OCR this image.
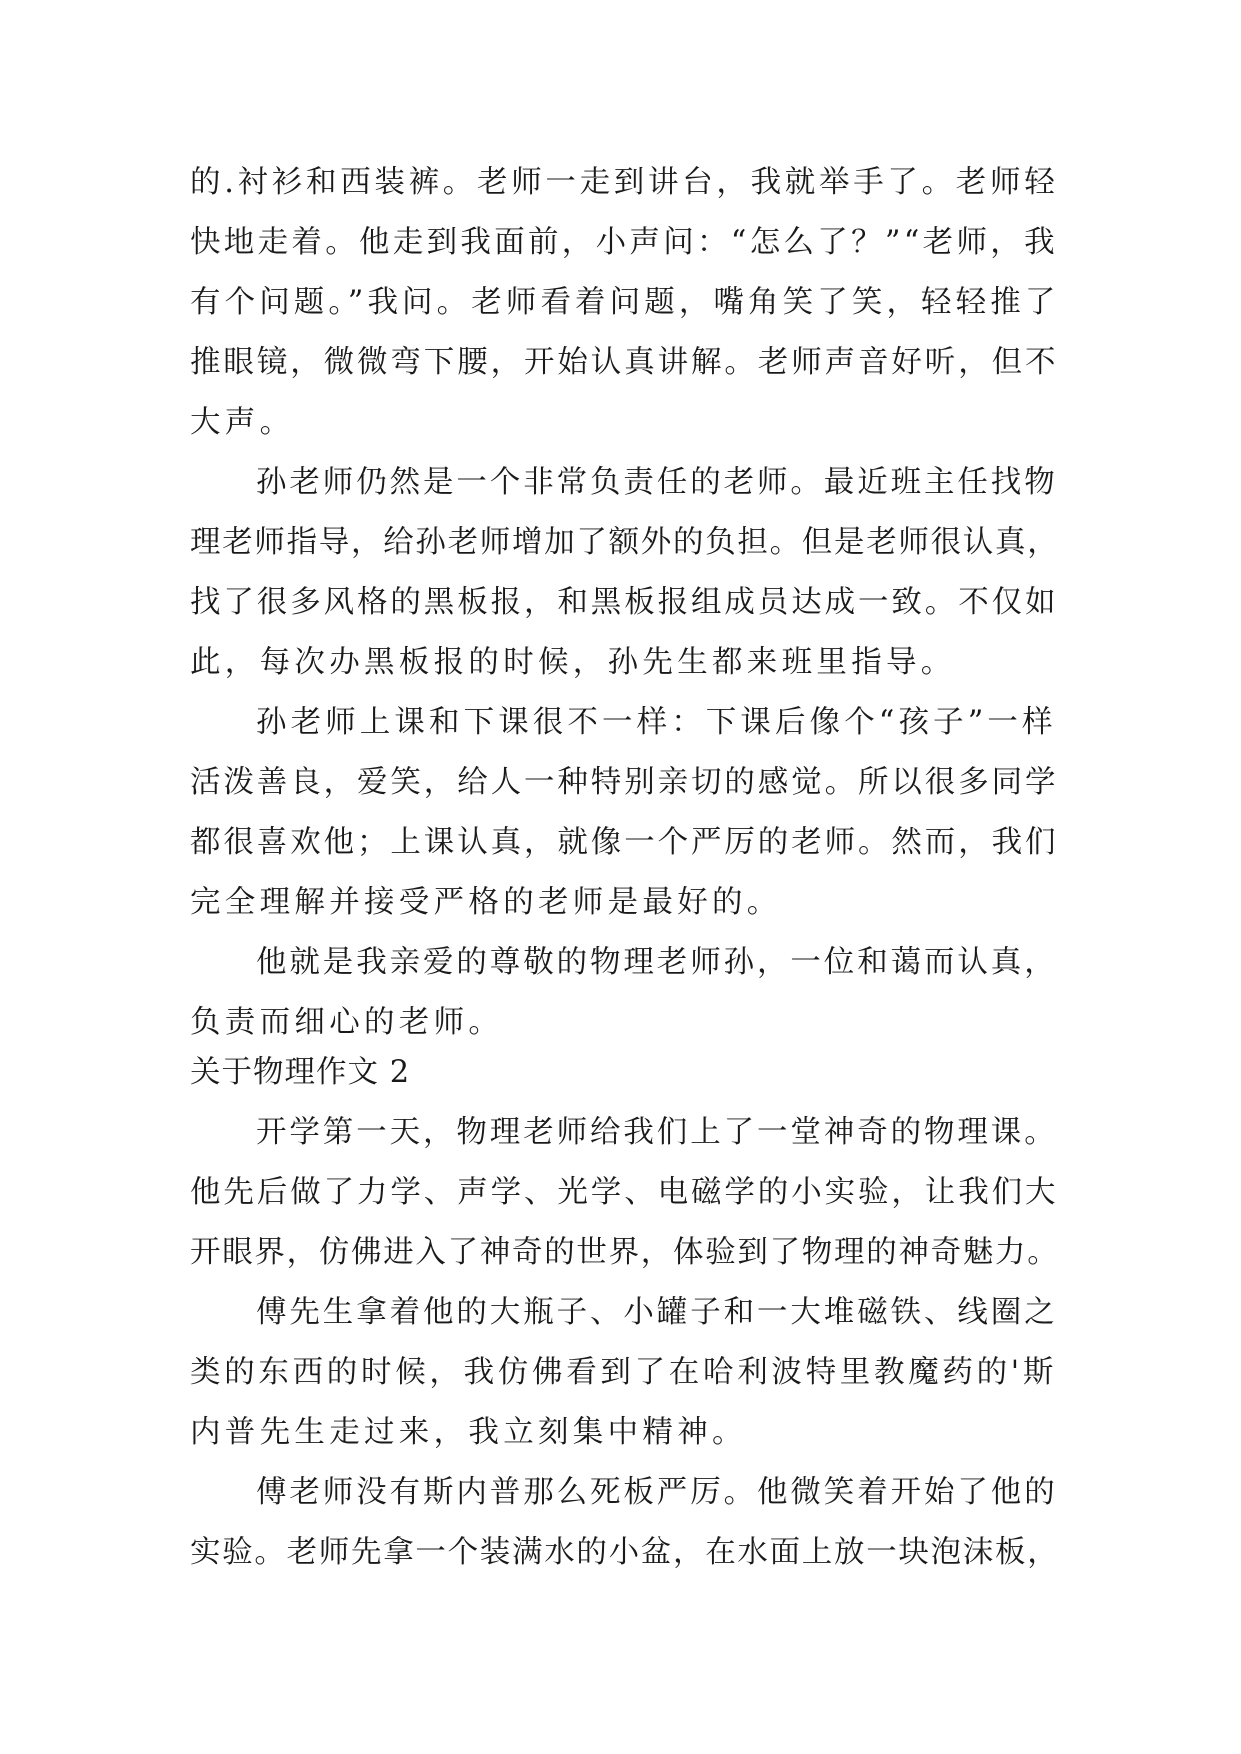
的.衬衫和西装裤。老师一走到讲台，我就举手了。老师轻
快地走着。他走到我面前，小声问：“怎么了？”“老师，我
有个问题。”我问。老师看着问题，嘴角笑了笑，轻轻推了
推眼镜，微微弯下腰，开始认真讲解。老师声音好听，但不
大声。
孙老师仍然是一个非常负责任的老师。最近班主任找物
理老师指导，给孙老师增加了额外的负担。但是老师很认真，
找了很多风格的黑板报，和黑板报组成员达成一致。不仅如
此，每次办黑板报的时候，孙先生都来班里指导。
孙老师上课和下课很不一样：下课后像个“孩子”一样
活泼善良，爱笑，给人一种特别亲切的感觉。所以很多同学
都很喜欢他；上课认真，就像一个严厉的老师。然而，我们
完全理解并接受严格的老师是最好的。
他就是我亲爱的尊敬的物理老师孙，一位和蔼而认真，
负责而细心的老师。
关于物理作文 2
开学第一天，物理老师给我们上了一堂神奇的物理课。
他先后做了力学、声学、光学、电磁学的小实验，让我们大
开眼界，仿佛进入了神奇的世界，体验到了物理的神奇魅力。
傅先生拿着他的大瓶子、小罐子和一大堆磁铁、线圈之
类的东西的时候，我仿佛看到了在哈利波特里教魔药的'斯
内普先生走过来，我立刻集中精神。
傅老师没有斯内普那么死板严厉。他微笑着开始了他的
实验。老师先拿一个装满水的小盆，在水面上放一块泡沫板，
